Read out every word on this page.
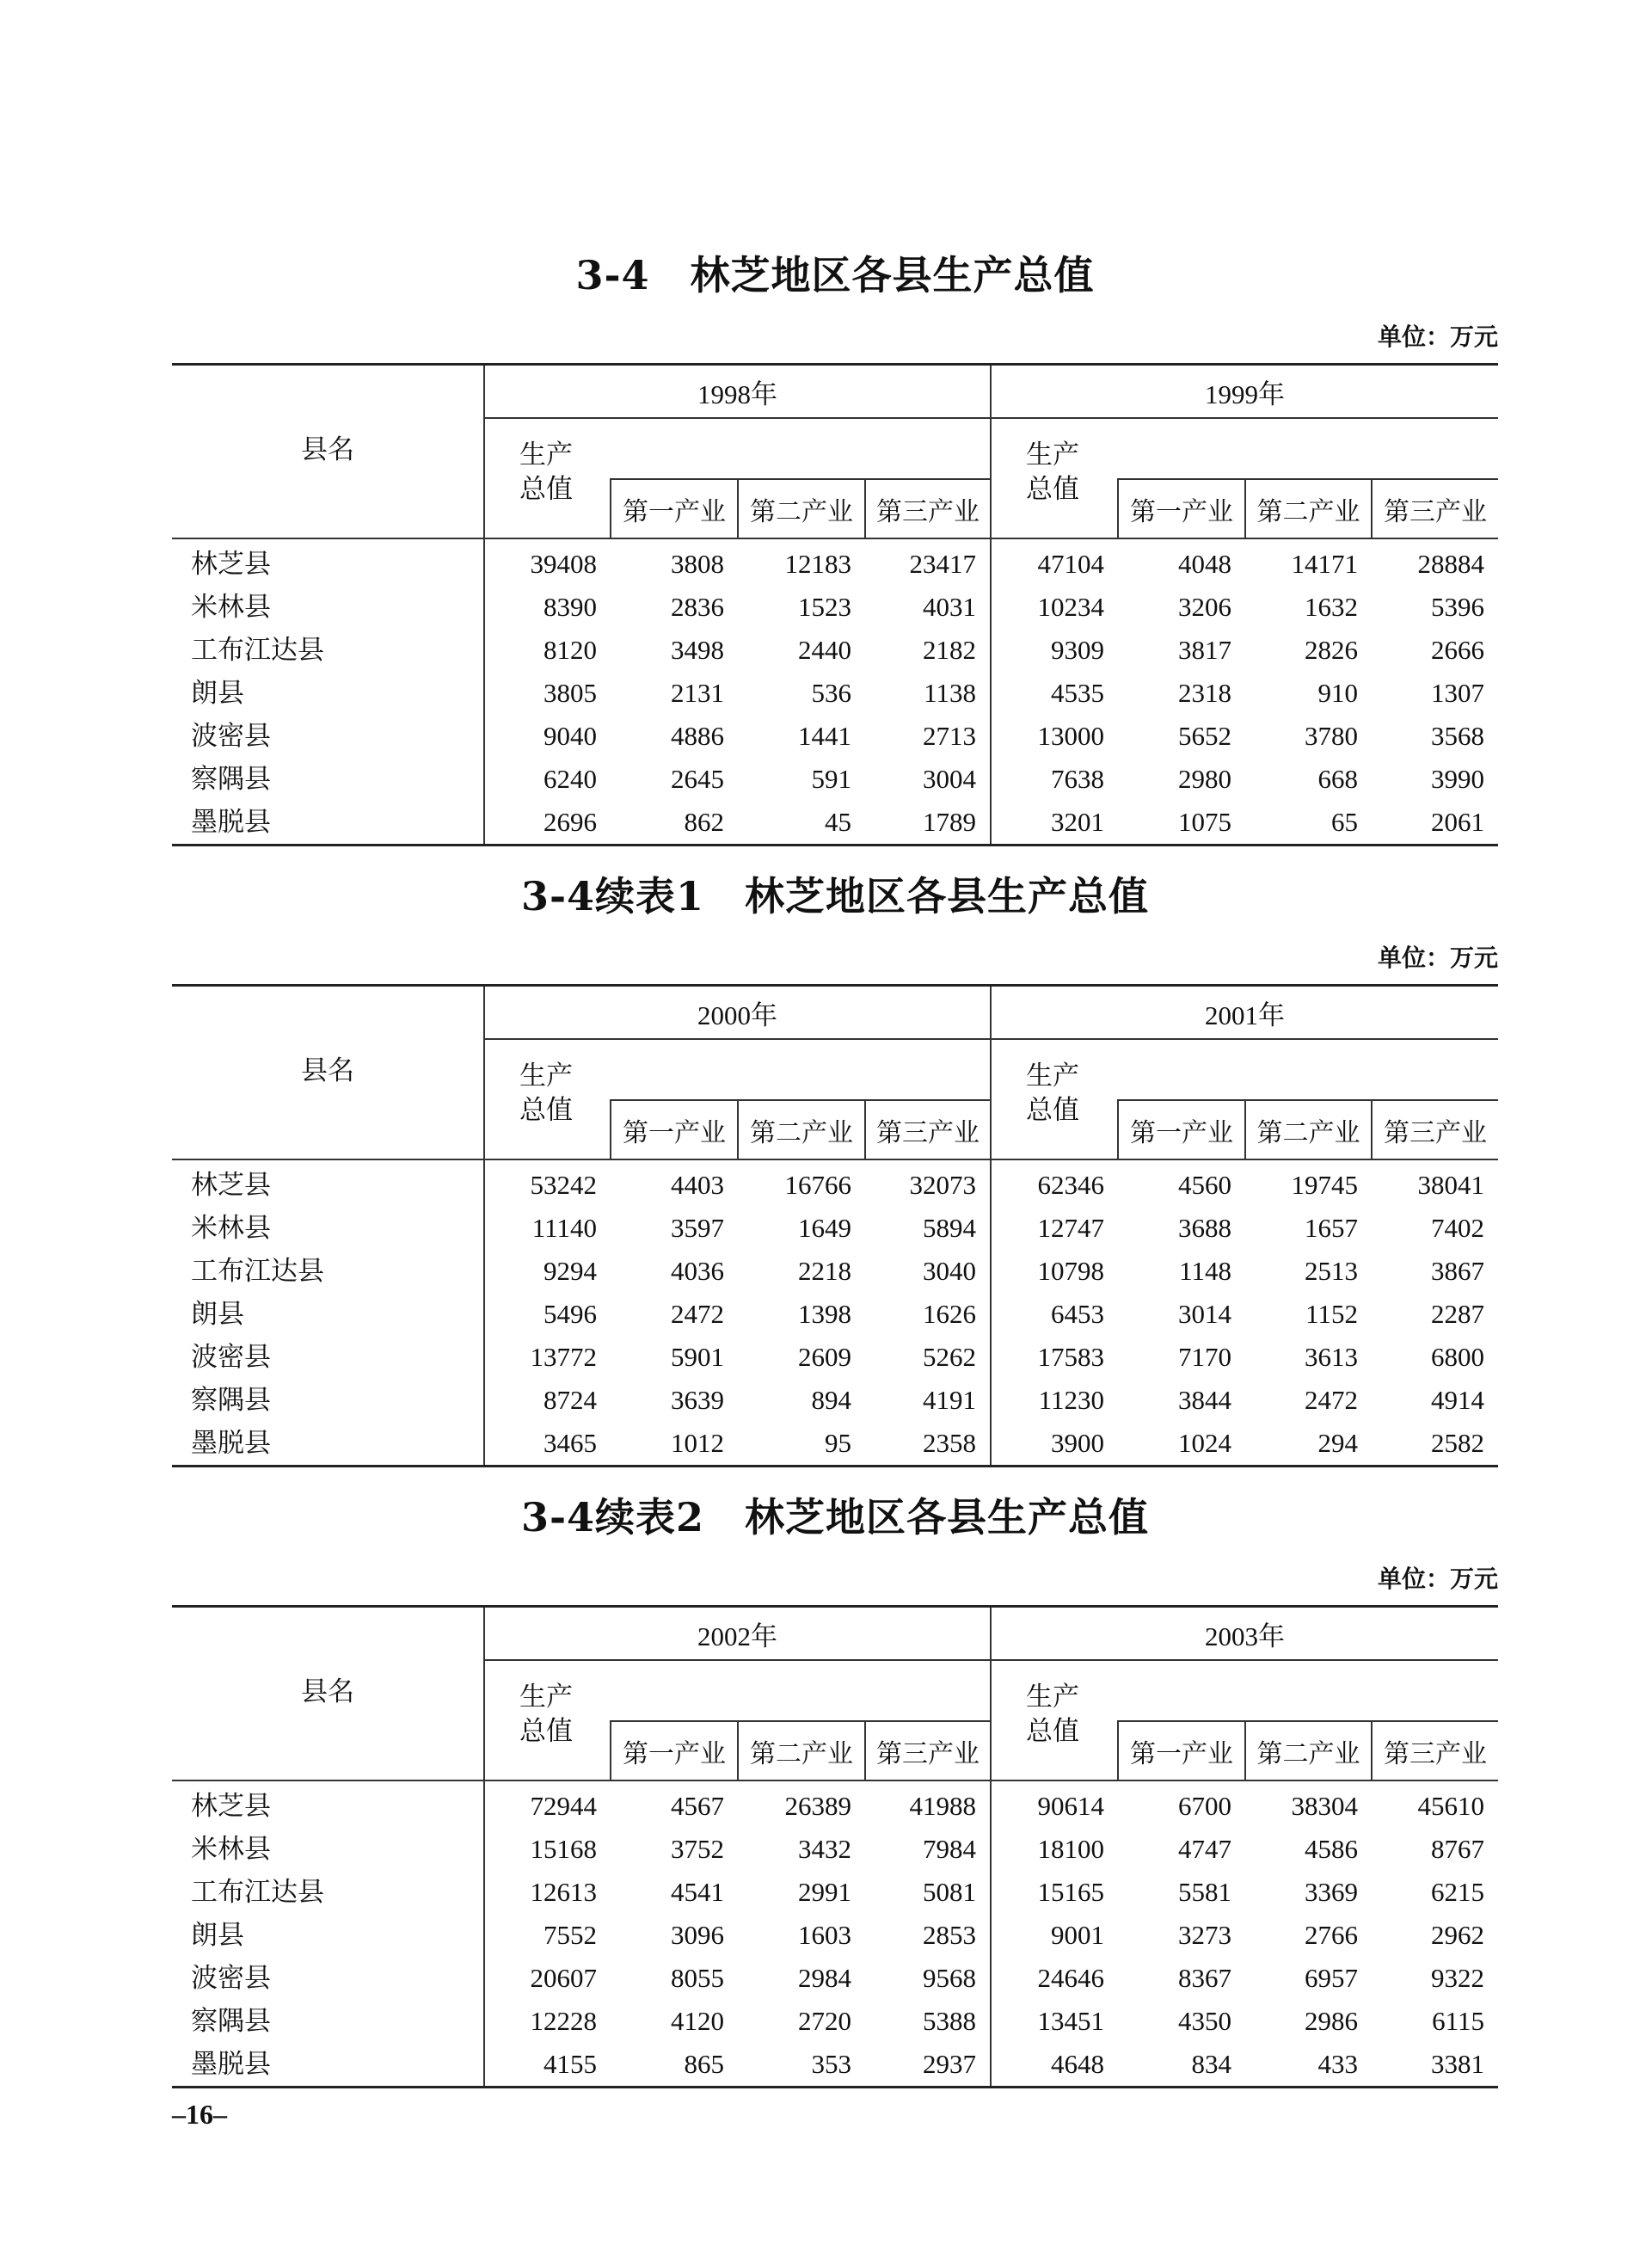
3-4　林芝地区各县生产总值
单位：万元
县名	1998年				1999年			
	生产
总值				生产
总值			
		第一产业	第二产业	第三产业		第一产业	第二产业	第三产业
林芝县	39408	3808	12183	23417	47104	4048	14171	28884
米林县	8390	2836	1523	4031	10234	3206	1632	5396
工布江达县	8120	3498	2440	2182	9309	3817	2826	2666
朗县	3805	2131	536	1138	4535	2318	910	1307
波密县	9040	4886	1441	2713	13000	5652	3780	3568
察隅县	6240	2645	591	3004	7638	2980	668	3990
墨脱县	2696	862	45	1789	3201	1075	65	2061
3-4续表1　林芝地区各县生产总值
单位：万元
县名	2000年				2001年			
	生产
总值				生产
总值			
		第一产业	第二产业	第三产业		第一产业	第二产业	第三产业
林芝县	53242	4403	16766	32073	62346	4560	19745	38041
米林县	11140	3597	1649	5894	12747	3688	1657	7402
工布江达县	9294	4036	2218	3040	10798	1148	2513	3867
朗县	5496	2472	1398	1626	6453	3014	1152	2287
波密县	13772	5901	2609	5262	17583	7170	3613	6800
察隅县	8724	3639	894	4191	11230	3844	2472	4914
墨脱县	3465	1012	95	2358	3900	1024	294	2582
3-4续表2　林芝地区各县生产总值
单位：万元
县名	2002年				2003年			
	生产
总值				生产
总值			
		第一产业	第二产业	第三产业		第一产业	第二产业	第三产业
林芝县	72944	4567	26389	41988	90614	6700	38304	45610
米林县	15168	3752	3432	7984	18100	4747	4586	8767
工布江达县	12613	4541	2991	5081	15165	5581	3369	6215
朗县	7552	3096	1603	2853	9001	3273	2766	2962
波密县	20607	8055	2984	9568	24646	8367	6957	9322
察隅县	12228	4120	2720	5388	13451	4350	2986	6115
墨脱县	4155	865	353	2937	4648	834	433	3381
–16–
